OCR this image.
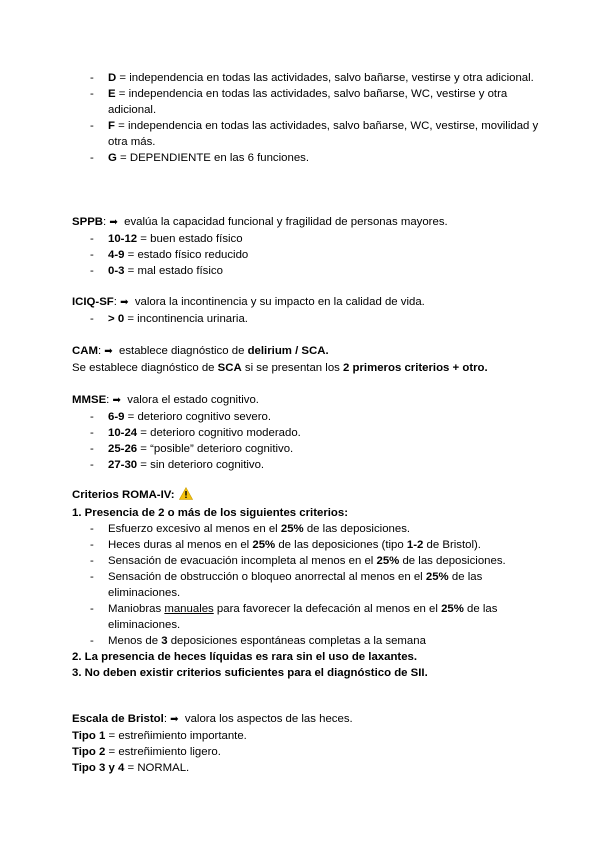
- D = independencia en todas las actividades, salvo bañarse, vestirse y otra adicional.
- E = independencia en todas las actividades, salvo bañarse, WC, vestirse y otra adicional.
- F = independencia en todas las actividades, salvo bañarse, WC, vestirse, movilidad y otra más.
- G = DEPENDIENTE en las 6 funciones.

SPPB: ➡ evalúa la capacidad funcional y fragilidad de personas mayores.

- 10-12 = buen estado físico
- 4-9 = estado físico reducido
- 0-3 = mal estado físico

ICIQ-SF: ➡ valora la incontinencia y su impacto en la calidad de vida.

- > 0 = incontinencia urinaria.

CAM: ➡ establece diagnóstico de delirium / SCA.

Se establece diagnóstico de SCA si se presentan los 2 primeros criterios + otro.

MMSE: ➡ valora el estado cognitivo.

- 6-9 = deterioro cognitivo severo.
- 10-24 = deterioro cognitivo moderado.
- 25-26 = “posible” deterioro cognitivo.
- 27-30 = sin deterioro cognitivo.

Criterios ROMA-IV:

1. Presencia de 2 o más de los siguientes criterios:

- Esfuerzo excesivo al menos en el 25% de las deposiciones.
- Heces duras al menos en el 25% de las deposiciones (tipo 1-2 de Bristol).
- Sensación de evacuación incompleta al menos en el 25% de las deposiciones.
- Sensación de obstrucción o bloqueo anorrectal al menos en el 25% de las eliminaciones.
- Maniobras manuales para favorecer la defecación al menos en el 25% de las eliminaciones.
- Menos de 3 deposiciones espontáneas completas a la semana

2. La presencia de heces líquidas es rara sin el uso de laxantes.

3. No deben existir criterios suficientes para el diagnóstico de SII.

Escala de Bristol: ➡ valora los aspectos de las heces.

Tipo 1 = estreñimiento importante.

Tipo 2 = estreñimiento ligero.

Tipo 3 y 4 = NORMAL.
